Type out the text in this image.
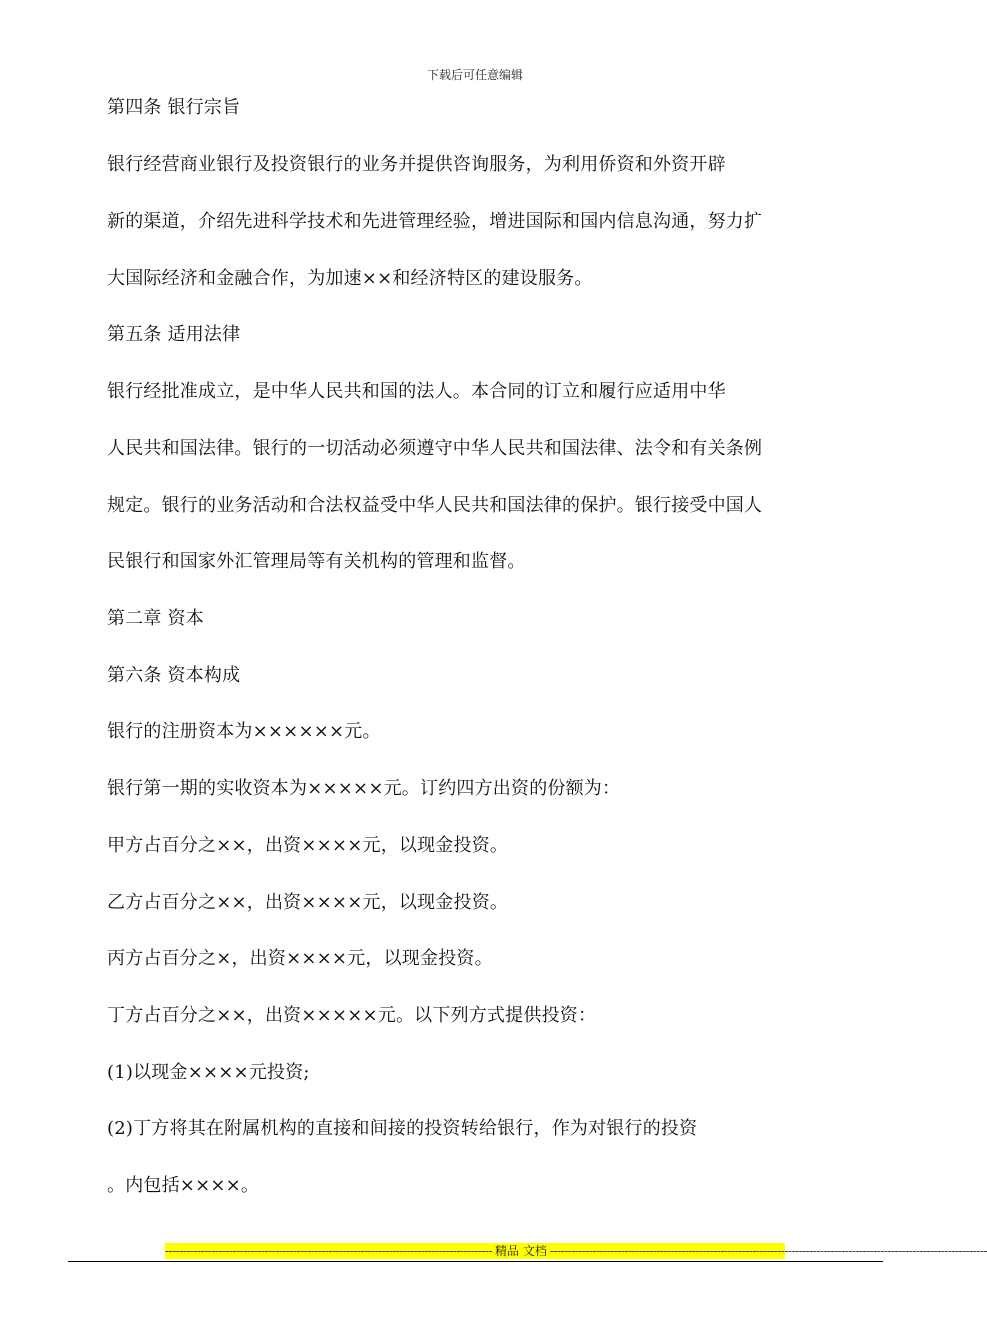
下载后可任意编辑
第四条 银行宗旨
银行经营商业银行及投资银行的业务并提供咨询服务，为利用侨资和外资开辟
新的渠道，介绍先进科学技术和先进管理经验，增进国际和国内信息沟通，努力扩
大国际经济和金融合作，为加速××和经济特区的建设服务。
第五条 适用法律
银行经批准成立，是中华人民共和国的法人。本合同的订立和履行应适用中华
人民共和国法律。银行的一切活动必须遵守中华人民共和国法律、法令和有关条例
规定。银行的业务活动和合法权益受中华人民共和国法律的保护。银行接受中国人
民银行和国家外汇管理局等有关机构的管理和监督。
第二章 资本
第六条 资本构成
银行的注册资本为××××××元。
银行第一期的实收资本为×××××元。订约四方出资的份额为：
甲方占百分之××，出资××××元，以现金投资。
乙方占百分之××，出资××××元，以现金投资。
丙方占百分之×，出资××××元，以现金投资。
丁方占百分之××，出资×××××元。以下列方式提供投资：
(1)以现金××××元投资;
(2)丁方将其在附属机构的直接和间接的投资转给银行，作为对银行的投资
。内包括××××。
-------------------------------------------------------------------------------------------- 精品 文档 ---------------------------------------------------------------------------------------------------------------------------
